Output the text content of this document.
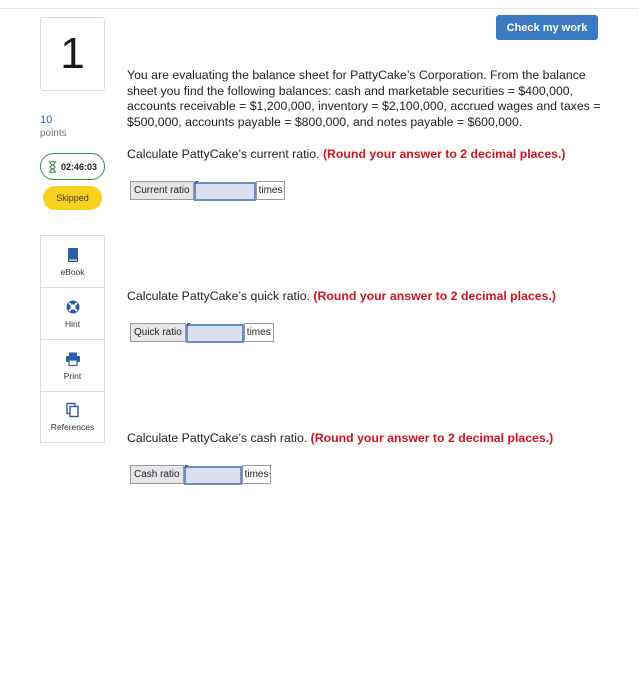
Check my work
1
10
points
02:46:03
Skipped
eBook
Hint
Print
References

You are evaluating the balance sheet for PattyCake’s Corporation. From the balance sheet you find the following balances: cash and marketable securities = $400,000, accounts receivable = $1,200,000, inventory = $2,100,000, accrued wages and taxes = $500,000, accounts payable = $800,000, and notes payable = $600,000.

Calculate PattyCake’s current ratio. (Round your answer to 2 decimal places.)

Current ratio	times

Calculate PattyCake’s quick ratio. (Round your answer to 2 decimal places.)

Quick ratio	times

Calculate PattyCake’s cash ratio. (Round your answer to 2 decimal places.)

Cash ratio	times
